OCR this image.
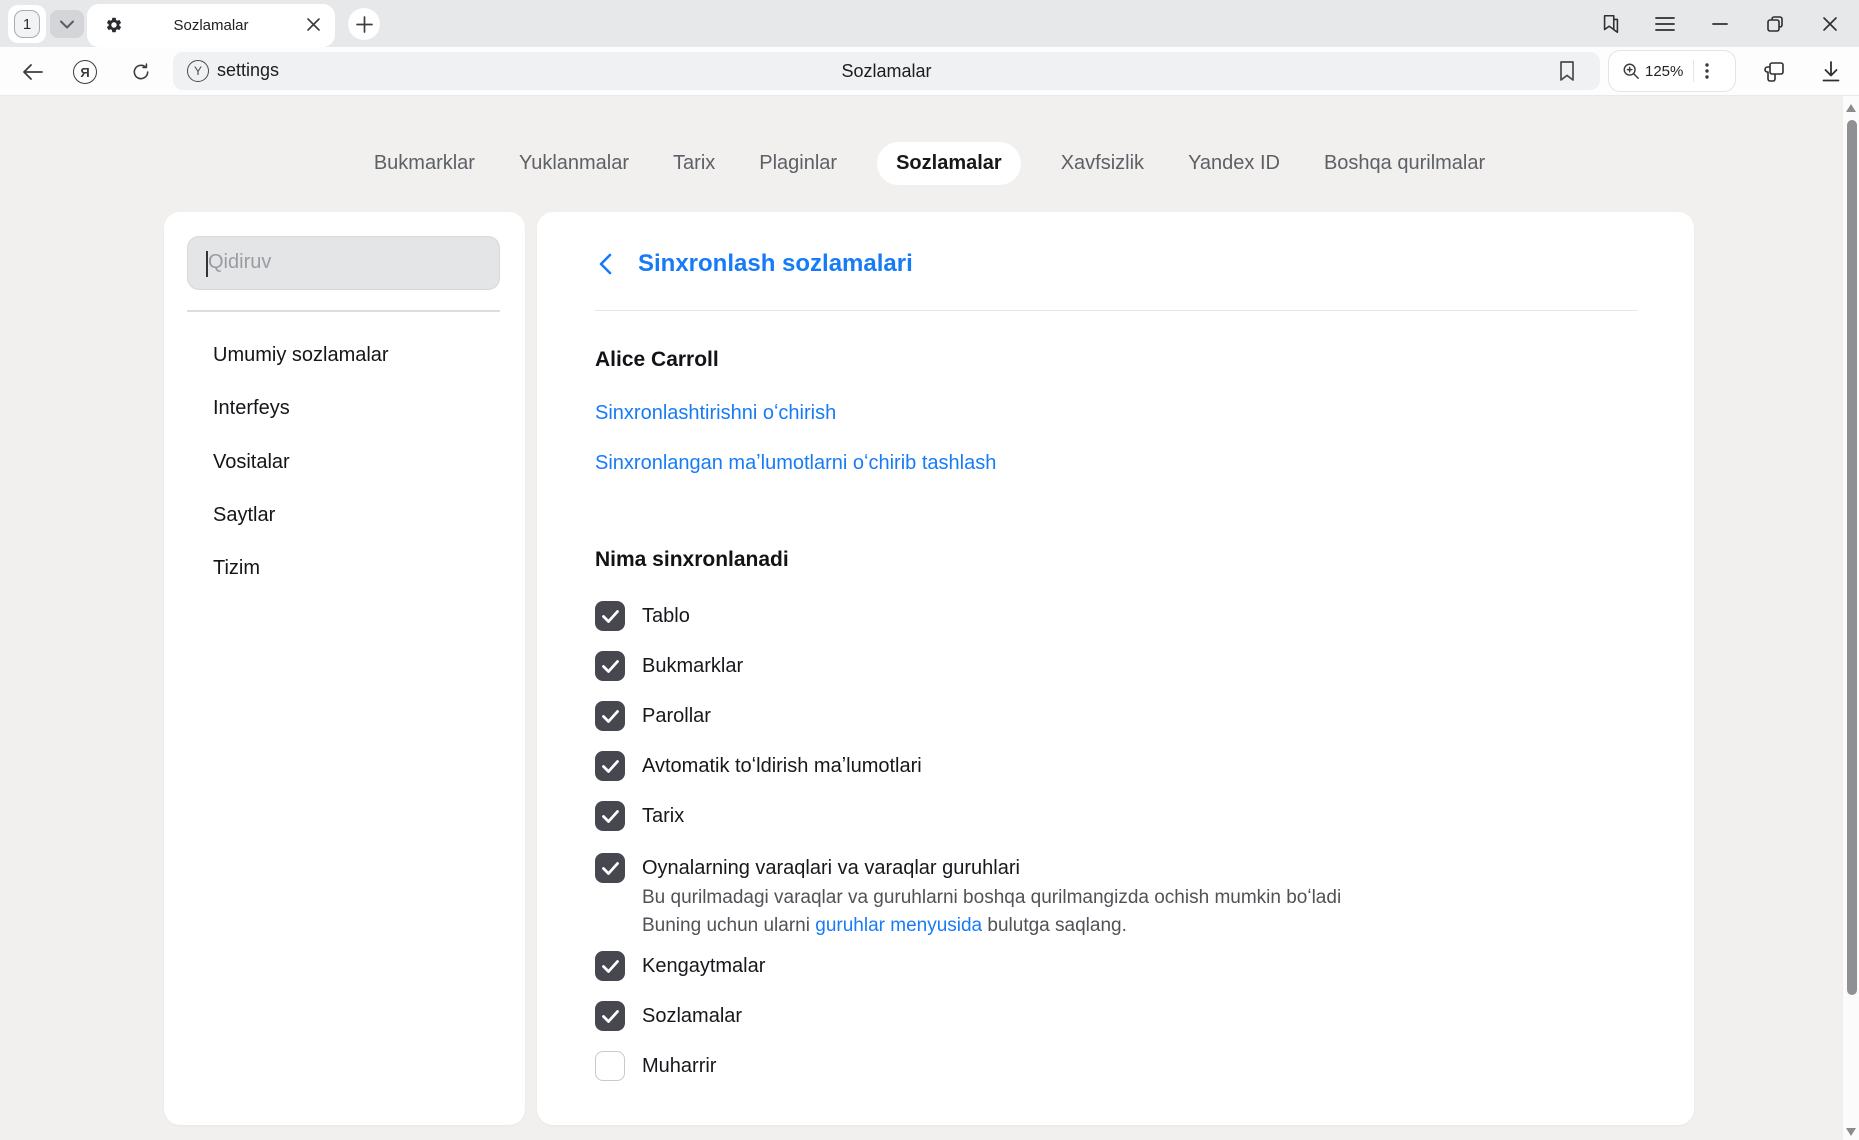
1	Sozlamalar
Я	Y settings	Sozlamalar	125%
Bukmarklar Yuklanmalar Tarix Plaginlar	Sozlamalar	Xavfsizlik Yandex ID Boshqa qurilmalar
Qidiruv
Umumiy sozlamalar
Interfeys
Vositalar
Saytlar
Tizim
Sinxronlash sozlamalari
Alice Carroll
Sinxronlashtirishni oʻchirish
Sinxronlangan maʼlumotlarni oʻchirib tashlash
Nima sinxronlanadi
Tablo
Bukmarklar
Parollar
Avtomatik toʻldirish maʼlumotlari
Tarix
Oynalarning varaqlari va varaqlar guruhlari
Bu qurilmadagi varaqlar va guruhlarni boshqa qurilmangizda ochish mumkin boʻladi
Buning uchun ularni guruhlar menyusida bulutga saqlang.
Kengaytmalar
Sozlamalar
Muharrir
